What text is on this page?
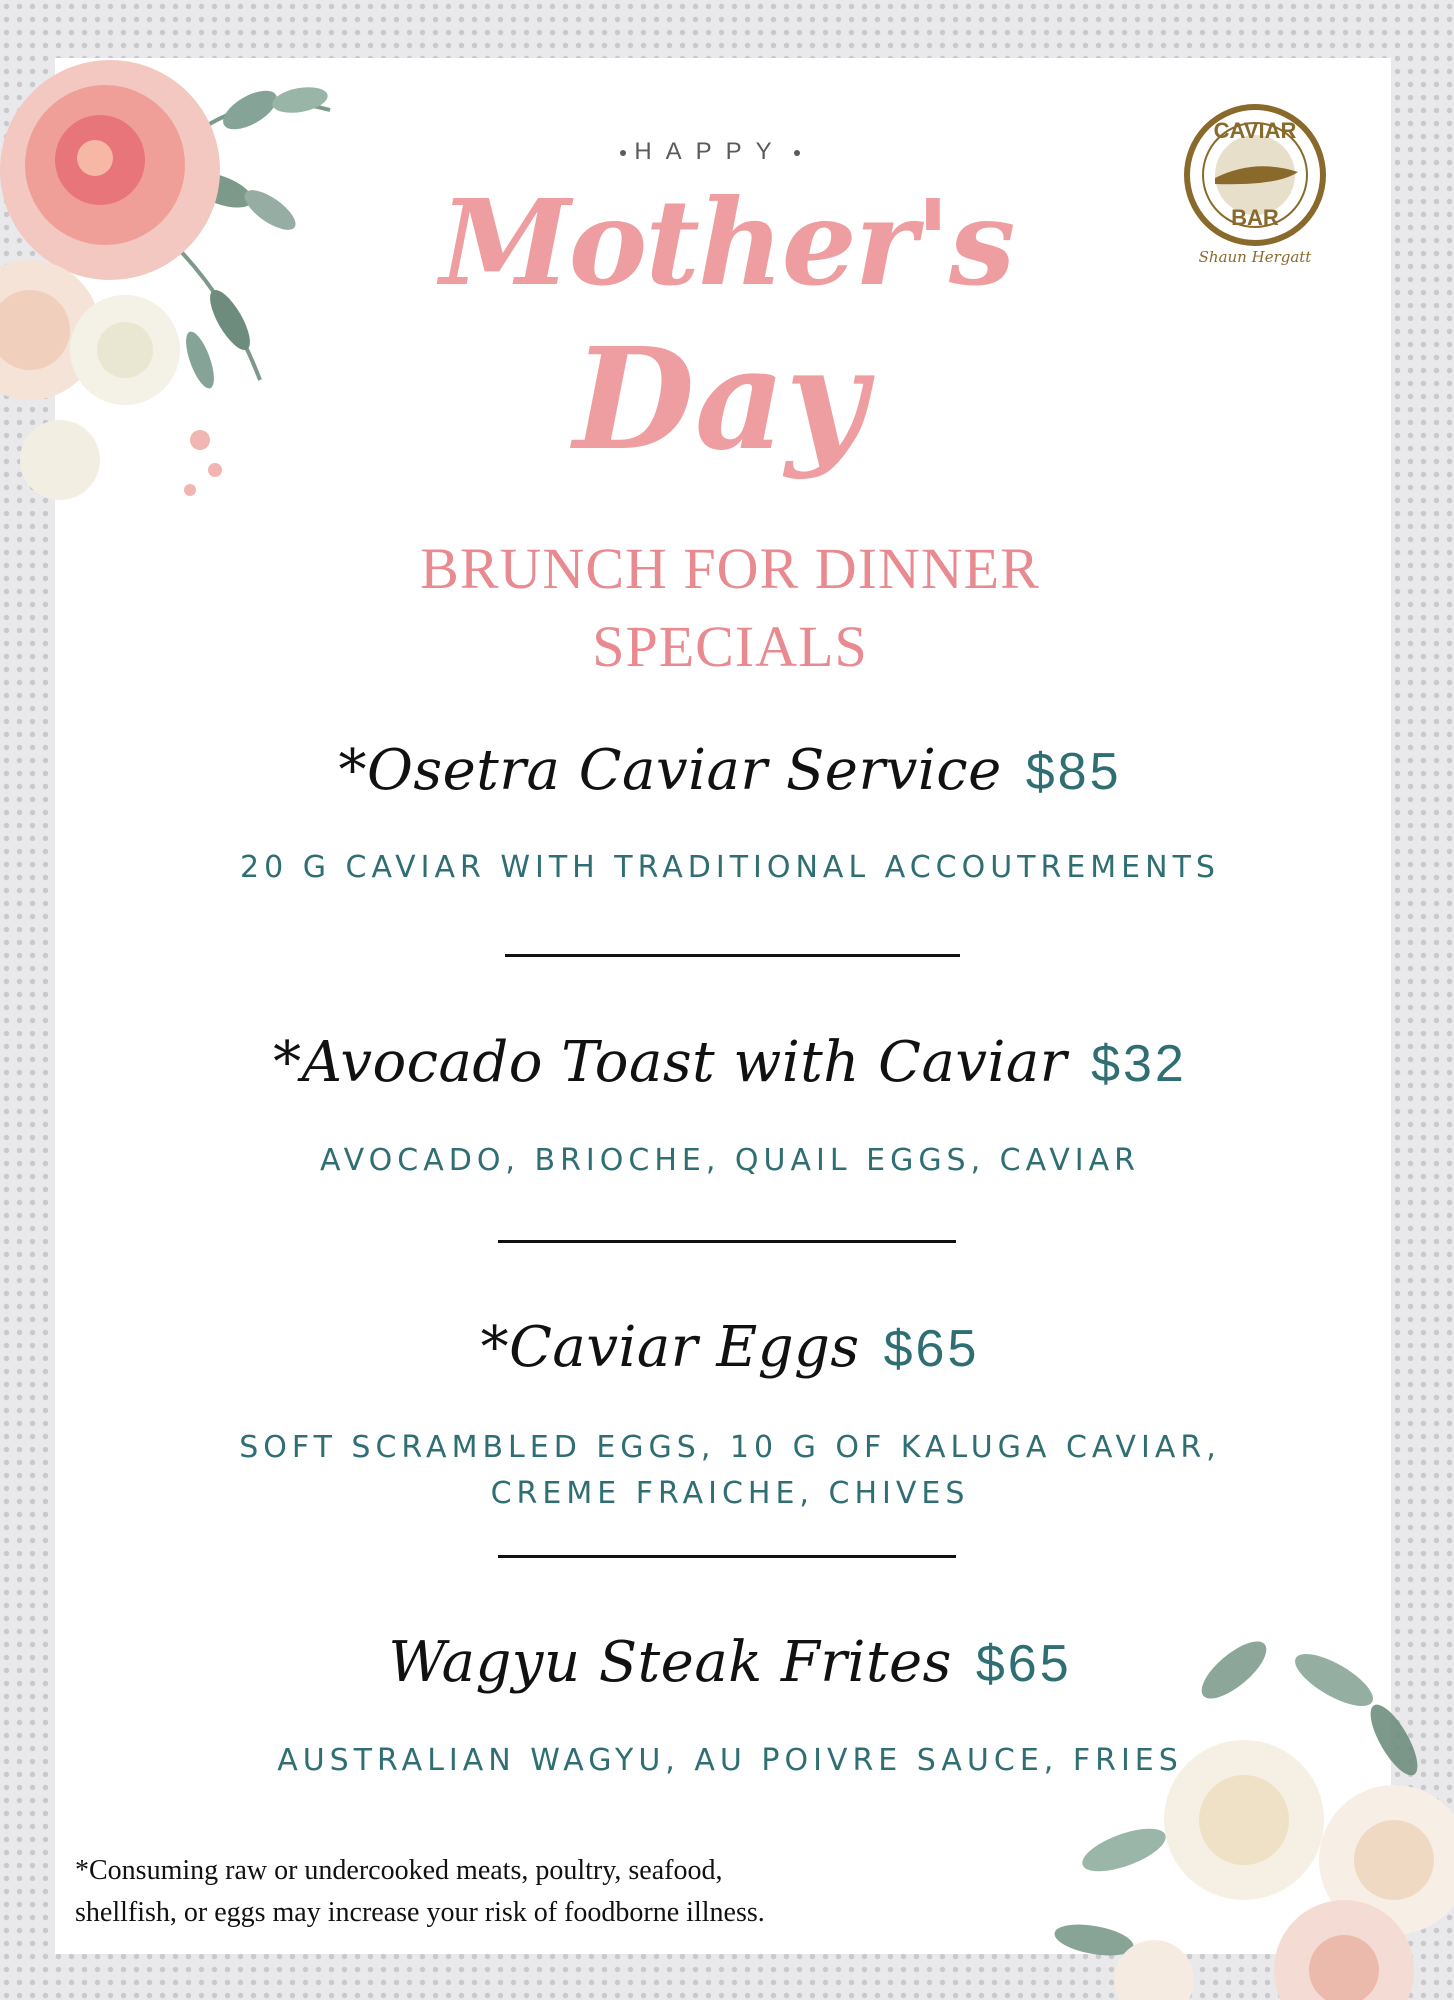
CAVIAR
BAR
Shaun Hergatt
HAPPY
Mother's
Day
BRUNCH FOR DINNER
SPECIALS
*Osetra Caviar Service $85
20 G CAVIAR WITH TRADITIONAL ACCOUTREMENTS
*Avocado Toast with Caviar $32
AVOCADO, BRIOCHE, QUAIL EGGS, CAVIAR
*Caviar Eggs $65
SOFT SCRAMBLED EGGS, 10 G OF KALUGA CAVIAR,
CREME FRAICHE, CHIVES
Wagyu Steak Frites $65
AUSTRALIAN WAGYU, AU POIVRE SAUCE, FRIES
*Consuming raw or undercooked meats, poultry, seafood,
shellfish, or eggs may increase your risk of foodborne illness.
